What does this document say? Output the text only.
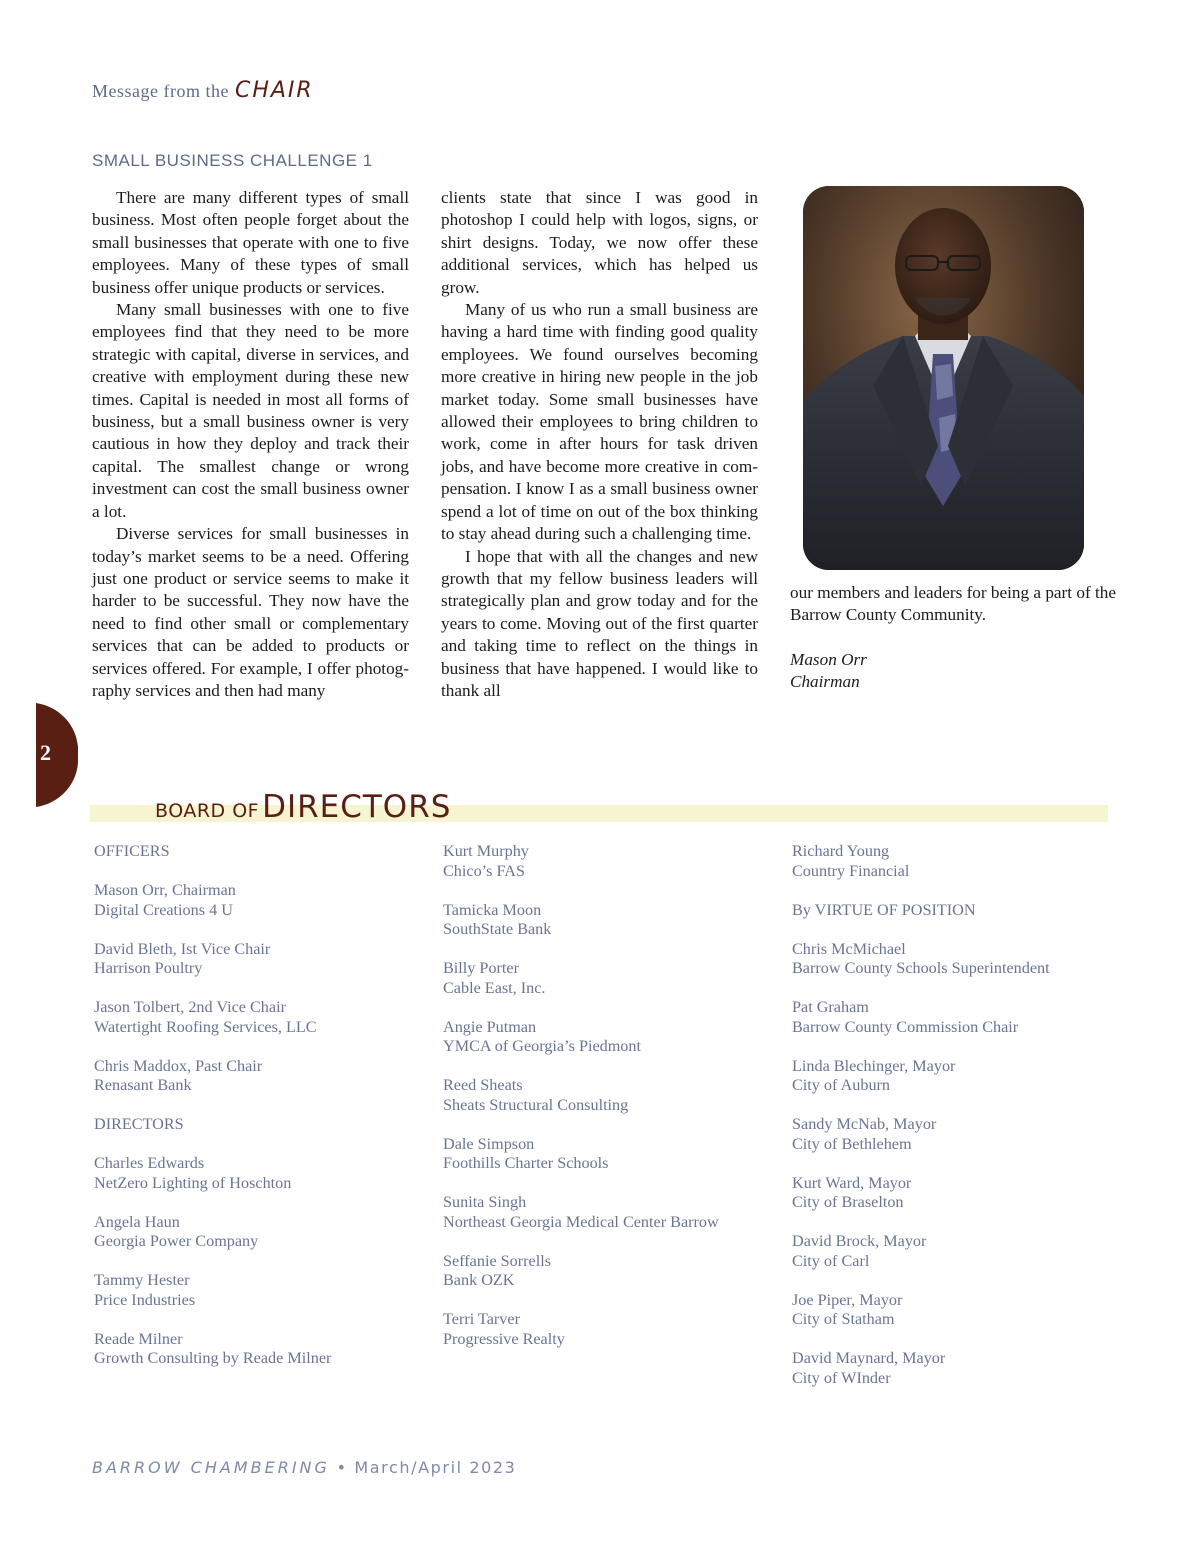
Message from the CHAIR
SMALL BUSINESS CHALLENGE 1

There are many different types of small business. Most often people forget about the small businesses that operate with one to five employees. Many of these types of small business offer unique products or services.

Many small businesses with one to five employees find that they need to be more strategic with capital, diverse in services, and creative with employment during these new times. Capital is needed in most all forms of business, but a small business owner is very cautious in how they deploy and track their capital. The smallest change or wrong investment can cost the small business owner a lot.

Diverse services for small businesses in today’s market seems to be a need. Offering just one product or service seems to make it harder to be successful. They now have the need to find other small or complementary services that can be added to products or services offered. For example, I offer photography services and then had many

clients state that since I was good in photoshop I could help with logos, signs, or shirt designs. Today, we now offer these additional services, which has helped us grow.

Many of us who run a small business are having a hard time with finding good quality employees. We found ourselves becoming more creative in hiring new people in the job market today. Some small businesses have allowed their employees to bring children to work, come in after hours for task driven jobs, and have become more creative in compensation. I know I as a small business owner spend a lot of time on out of the box thinking to stay ahead during such a challenging time.

I hope that with all the changes and new growth that my fellow business leaders will strategically plan and grow today and for the years to come. Moving out of the first quarter and taking time to reflect on the things in business that have happened. I would like to thank all

our members and leaders for being a part of the Barrow County Community.

Mason Orr
Chairman

2
BOARD OFDIRECTORS
OFFICERS
Mason Orr, Chairman
Digital Creations 4 U
David Bleth, Ist Vice Chair
Harrison Poultry
Jason Tolbert, 2nd Vice Chair
Watertight Roofing Services, LLC
Chris Maddox, Past Chair
Renasant Bank
DIRECTORS
Charles Edwards
NetZero Lighting of Hoschton
Angela Haun
Georgia Power Company
Tammy Hester
Price Industries
Reade Milner
Growth Consulting by Reade Milner
Kurt Murphy
Chico’s FAS
Tamicka Moon
SouthState Bank
Billy Porter
Cable East, Inc.
Angie Putman
YMCA of Georgia’s Piedmont
Reed Sheats
Sheats Structural Consulting
Dale Simpson
Foothills Charter Schools
Sunita Singh
Northeast Georgia Medical Center Barrow
Seffanie Sorrells
Bank OZK
Terri Tarver
Progressive Realty
Richard Young
Country Financial
By VIRTUE OF POSITION
Chris McMichael
Barrow County Schools Superintendent
Pat Graham
Barrow County Commission Chair
Linda Blechinger, Mayor
City of Auburn
Sandy McNab, Mayor
City of Bethlehem
Kurt Ward, Mayor
City of Braselton
David Brock, Mayor
City of Carl
Joe Piper, Mayor
City of Statham
David Maynard, Mayor
City of WInder
BARROW CHAMBERING • March/April 2023
